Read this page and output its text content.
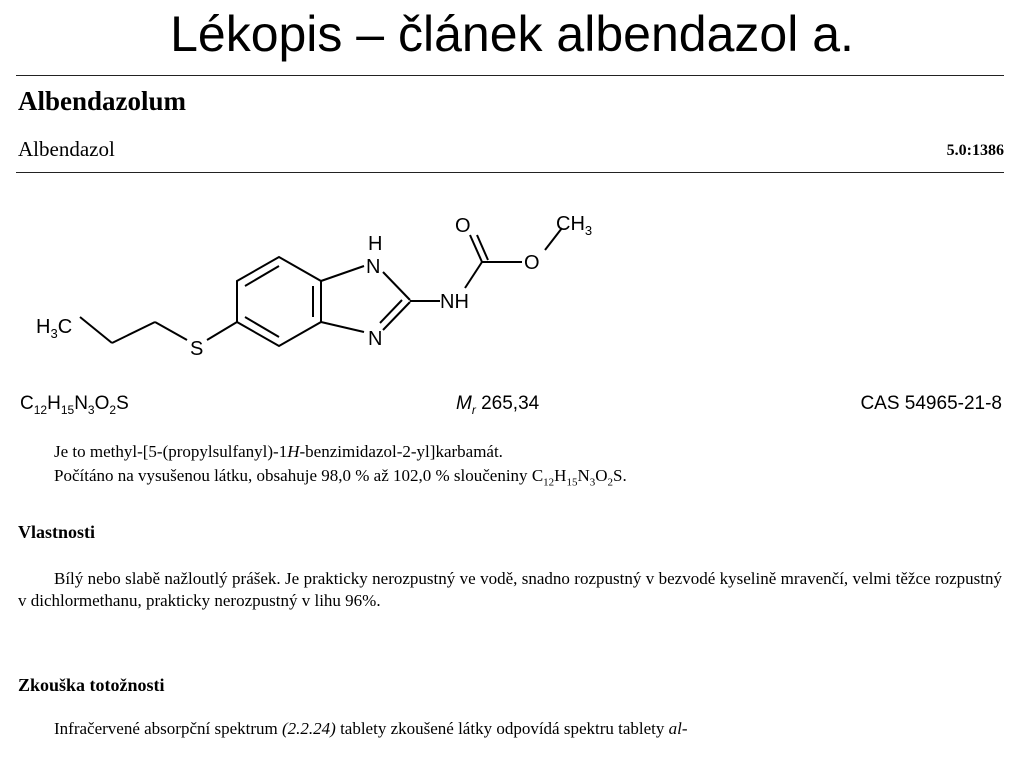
Lékopis – článek albendazol a.
Albendazolum
Albendazol	5.0:1386
$H_3C$
S
H
N
N
NH
O
O
$CH_3$
$C_{12}H_{15}N_3O_2S$	$M_r$ 265,34	CAS 54965-21-8
Je to methyl-[5-(propylsulfanyl)-1H-benzimidazol-2-yl]karbamát.
Počítáno na vysušenou látku, obsahuje 98,0 % až 102,0 % sloučeniny $C_{12}H_{15}N_3O_2S$.
Vlastnosti
Bílý nebo slabě nažloutlý prášek. Je prakticky nerozpustný ve vodě, snadno rozpustný v bezvodé kyselině mravenčí, velmi těžce rozpustný v dichlormethanu, prakticky nerozpustný v lihu 96%.
Zkouška totožnosti
Infračervené absorpční spektrum (2.2.24) tablety zkoušené látky odpovídá spektru tablety al-
